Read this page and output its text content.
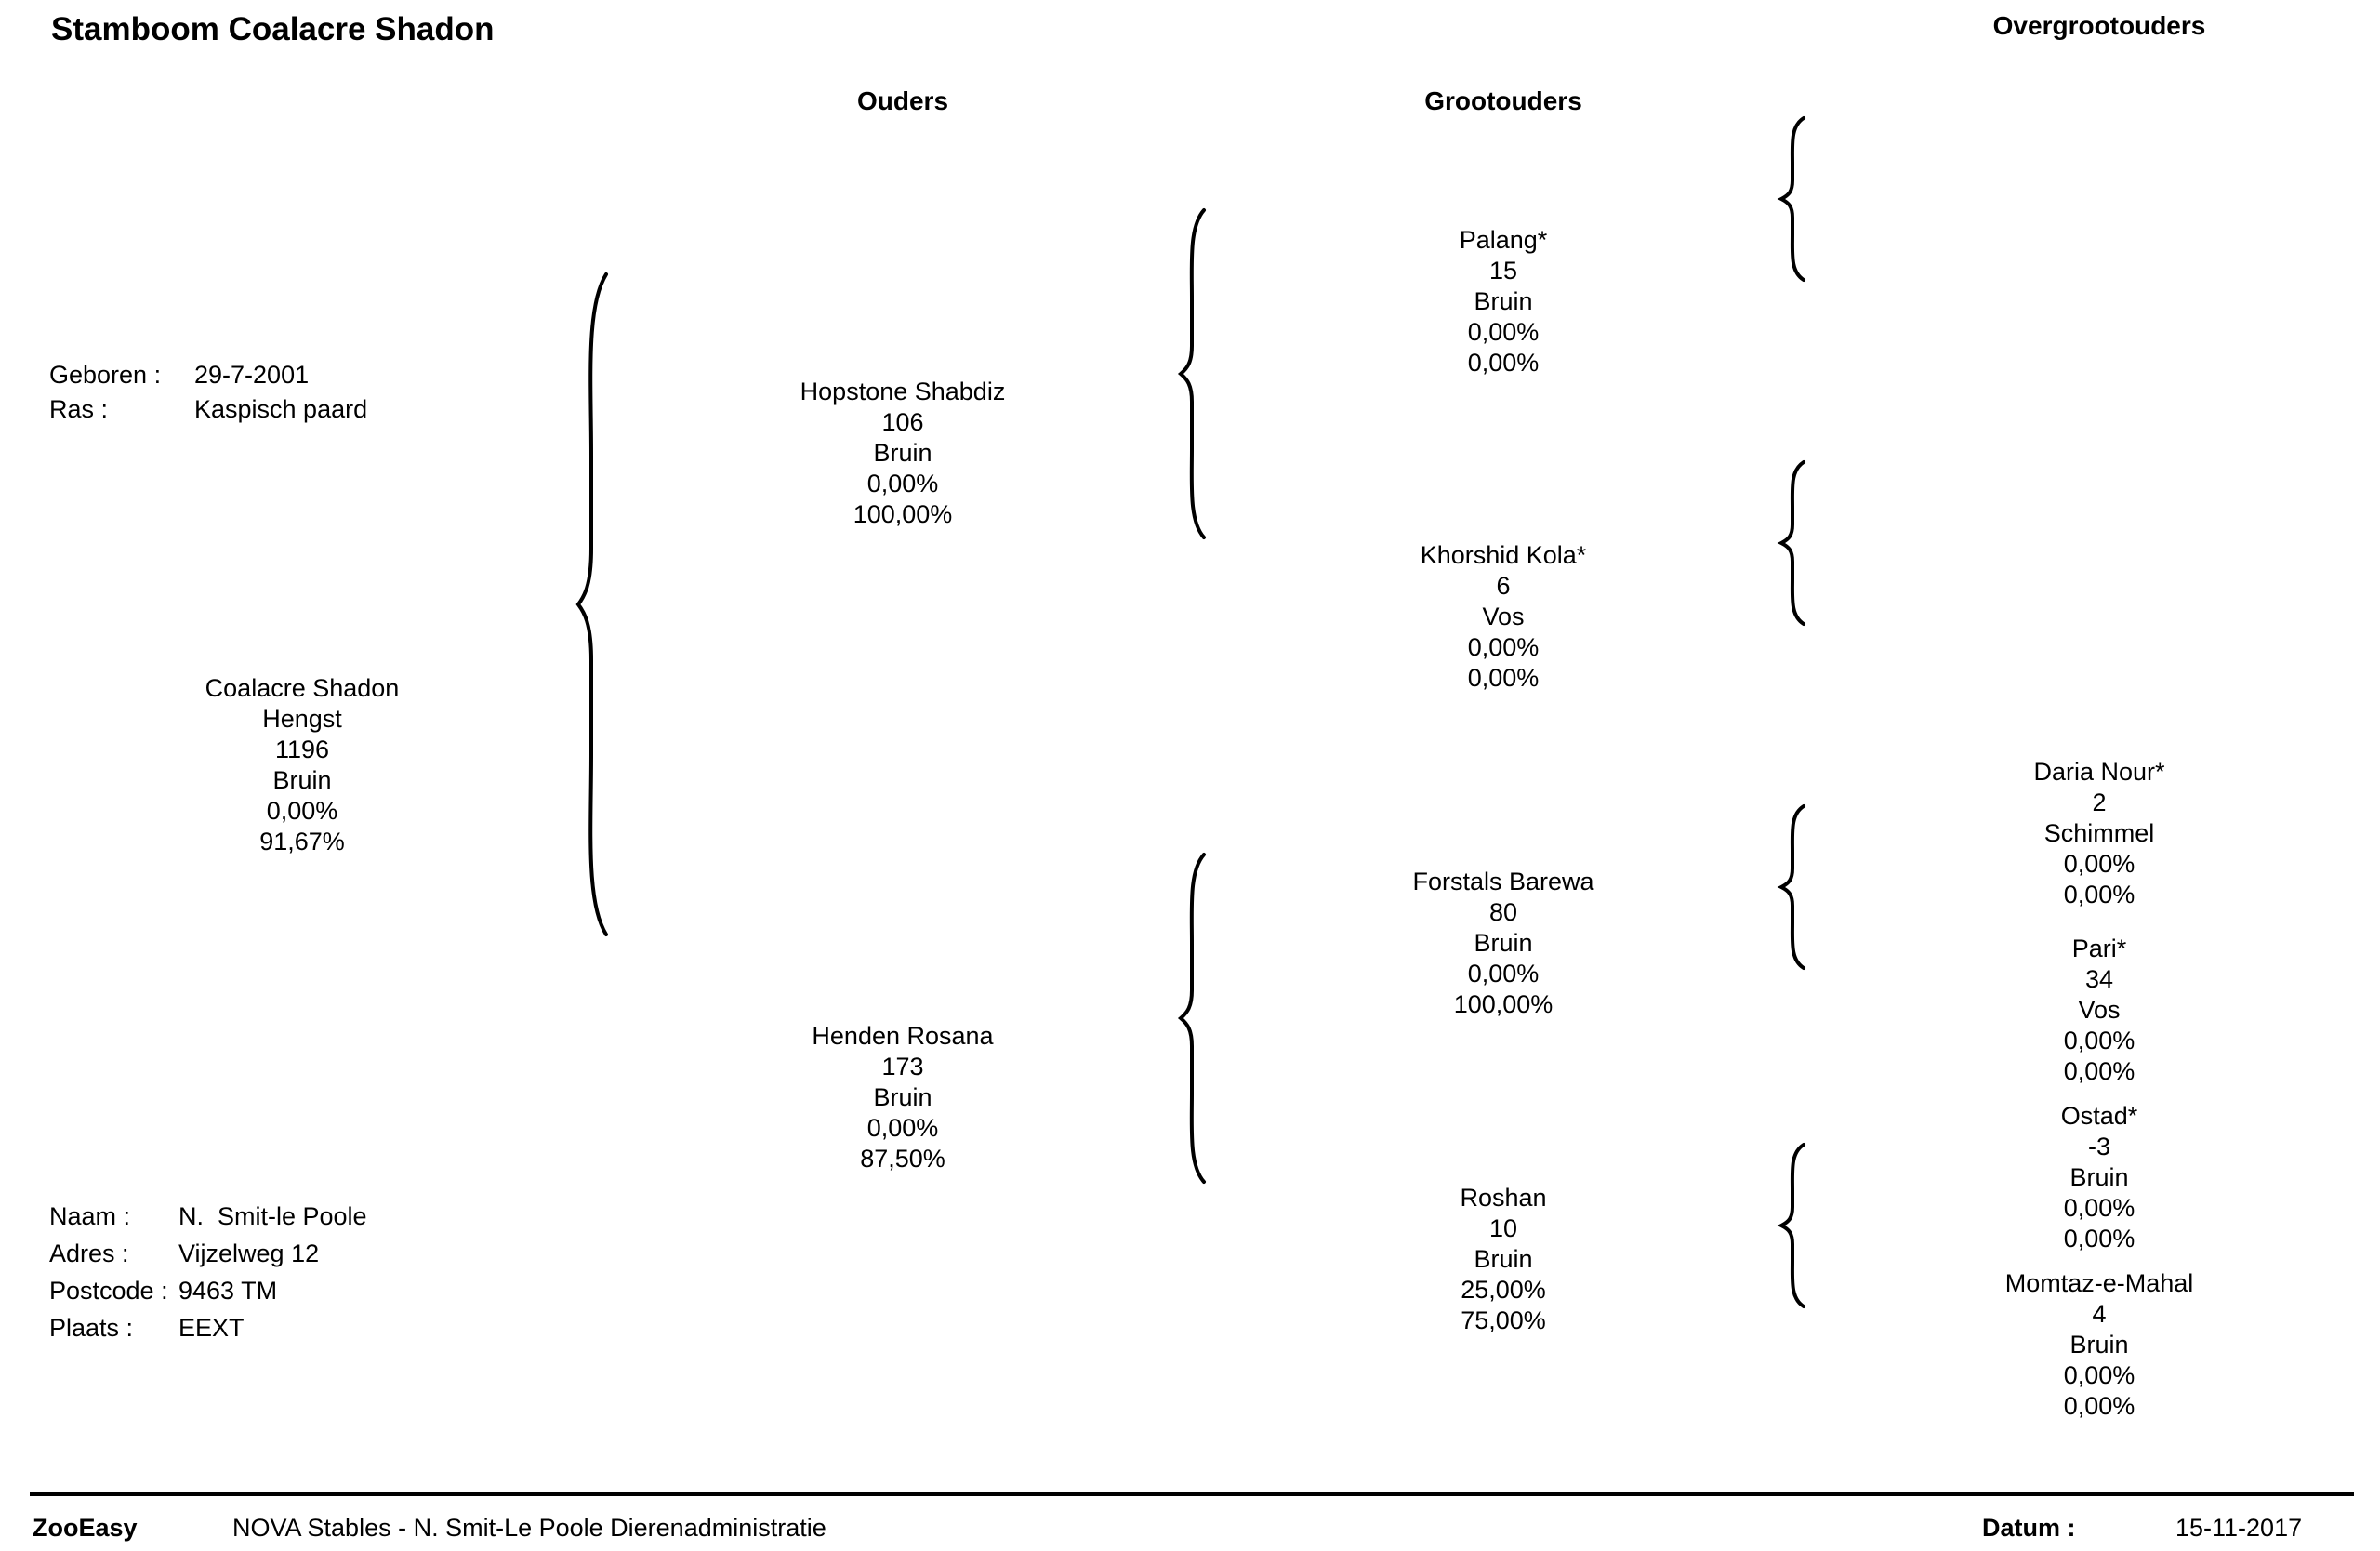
Stamboom Coalacre Shadon
Ouders	Grootouders
Overgrootouders
Geboren :	29-7-2001
Ras :	Kaspisch paard
Coalacre Shadon
Hengst
1196
Bruin
0,00%
91,67%
Hopstone Shabdiz
106
Bruin
0,00%
100,00%
Henden Rosana
173
Bruin
0,00%
87,50%
Palang*
15
Bruin
0,00%
0,00%
Khorshid Kola*
6
Vos
0,00%
0,00%
Forstals Barewa
80
Bruin
0,00%
100,00%
Roshan
10
Bruin
25,00%
75,00%
Daria Nour*
2
Schimmel
0,00%
0,00%
Pari*
34
Vos
0,00%
0,00%
Ostad*
-3
Bruin
0,00%
0,00%
Momtaz-e-Mahal
4
Bruin
0,00%
0,00%
Naam :	N.  Smit-le Poole
Adres :	Vijzelweg 12
Postcode : 9463 TM
Plaats :	EEXT
ZooEasy	NOVA Stables - N. Smit-Le Poole Dierenadministratie	Datum :	15-11-2017
